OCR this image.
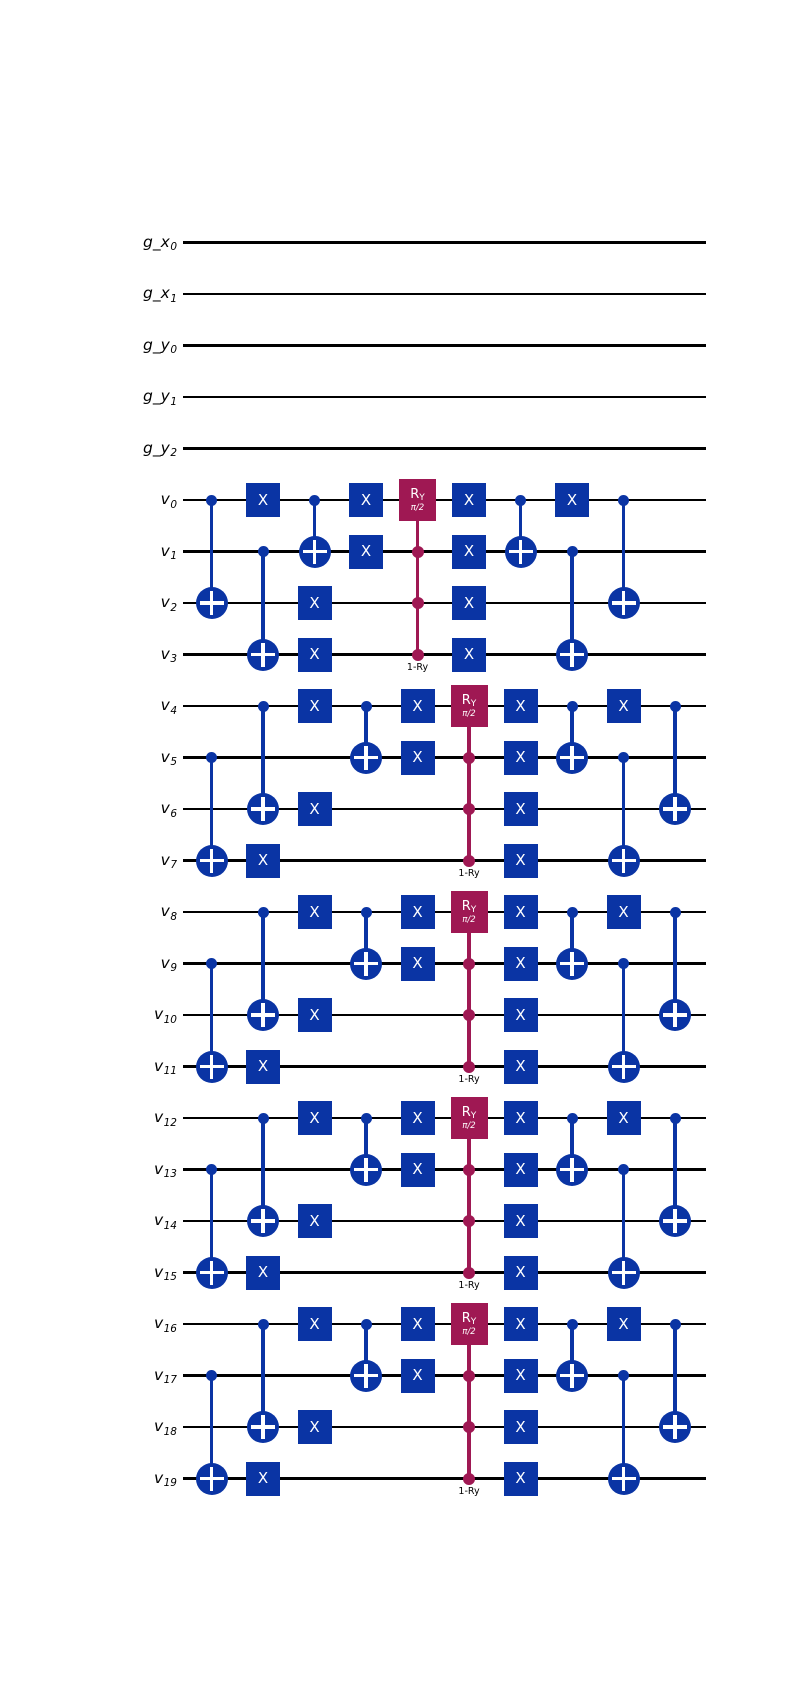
$g\_x_0$
$g\_x_1$
$g\_y_0$
$g\_y_1$
$g\_y_2$
$v_0$
$v_1$
$v_2$
$v_3$
$v_4$
$v_5$
$v_6$
$v_7$
$v_8$
$v_9$
$v_{10}$
$v_{11}$
$v_{12}$
$v_{13}$
$v_{14}$
$v_{15}$
$v_{16}$
$v_{17}$
$v_{18}$
$v_{19}$
X
X
X
X
X
RY
π/2
1-Ry
X
X
X
X
X
X
X
X
X
X
RY
π/2
1-Ry
X
X
X
X
X
X
X
X
X
X
RY
π/2
1-Ry
X
X
X
X
X
X
X
X
X
X
RY
π/2
1-Ry
X
X
X
X
X
X
X
X
X
X
RY
π/2
1-Ry
X
X
X
X
X
